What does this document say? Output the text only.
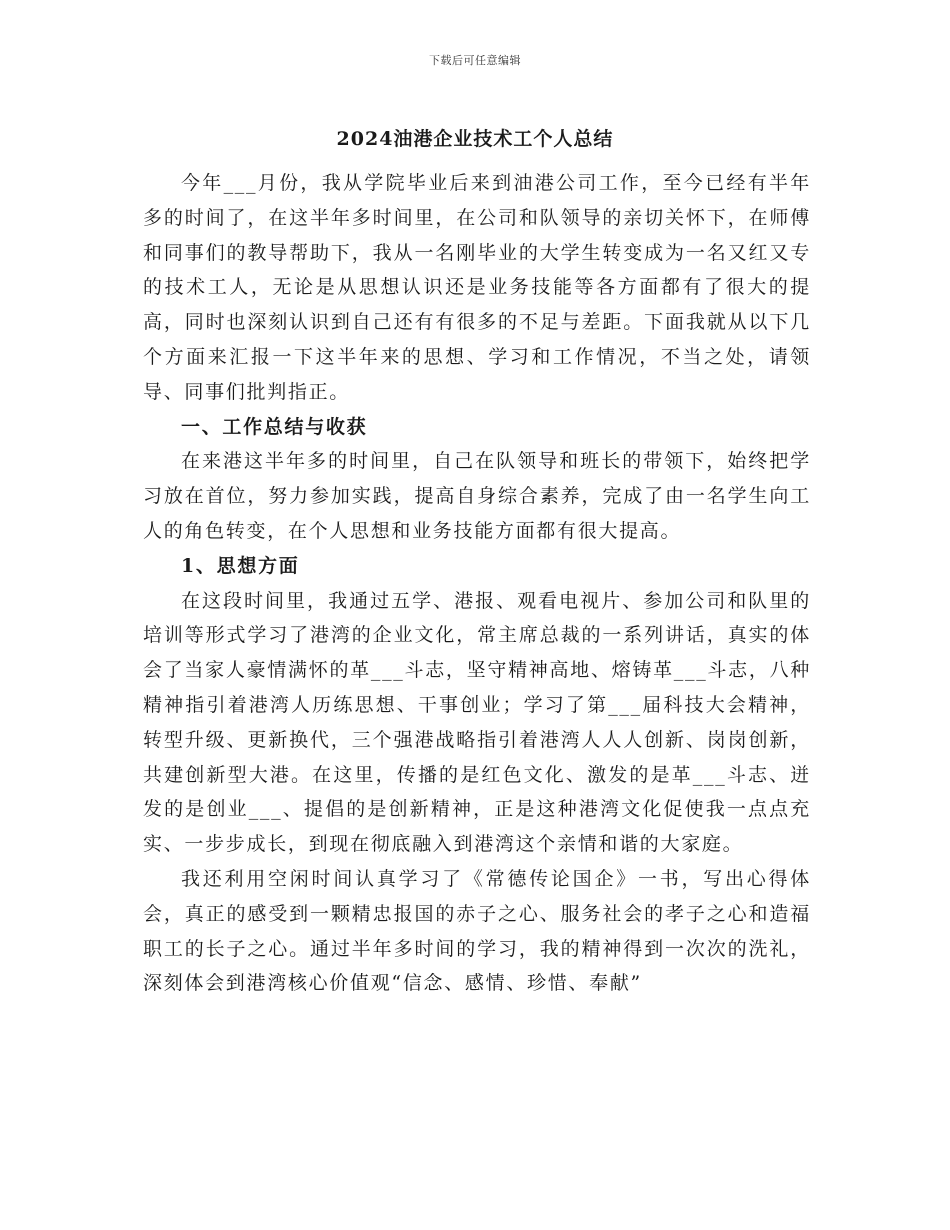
下载后可任意编辑
2024油港企业技术工个人总结

今年___月份，我从学院毕业后来到油港公司工作，至今已经有半年多的时间了，在这半年多时间里，在公司和队领导的亲切关怀下，在师傅和同事们的教导帮助下，我从一名刚毕业的大学生转变成为一名又红又专的技术工人，无论是从思想认识还是业务技能等各方面都有了很大的提高，同时也深刻认识到自己还有有很多的不足与差距。下面我就从以下几个方面来汇报一下这半年来的思想、学习和工作情况，不当之处，请领导、同事们批判指正。

一、工作总结与收获

在来港这半年多的时间里，自己在队领导和班长的带领下，始终把学习放在首位，努力参加实践，提高自身综合素养，完成了由一名学生向工人的角色转变，在个人思想和业务技能方面都有很大提高。

1、思想方面

在这段时间里，我通过五学、港报、观看电视片、参加公司和队里的培训等形式学习了港湾的企业文化，常主席总裁的一系列讲话，真实的体会了当家人豪情满怀的革___斗志，坚守精神高地、熔铸革___斗志，八种精神指引着港湾人历练思想、干事创业；学习了第___届科技大会精神，转型升级、更新换代，三个强港战略指引着港湾人人人创新、岗岗创新，共建创新型大港。在这里，传播的是红色文化、激发的是革___斗志、迸发的是创业___、提倡的是创新精神，正是这种港湾文化促使我一点点充实、一步步成长，到现在彻底融入到港湾这个亲情和谐的大家庭。

我还利用空闲时间认真学习了《常德传论国企》一书，写出心得体会，真正的感受到一颗精忠报国的赤子之心、服务社会的孝子之心和造福职工的长子之心。通过半年多时间的学习，我的精神得到一次次的洗礼，深刻体会到港湾核心价值观“信念、感情、珍惜、奉献”
